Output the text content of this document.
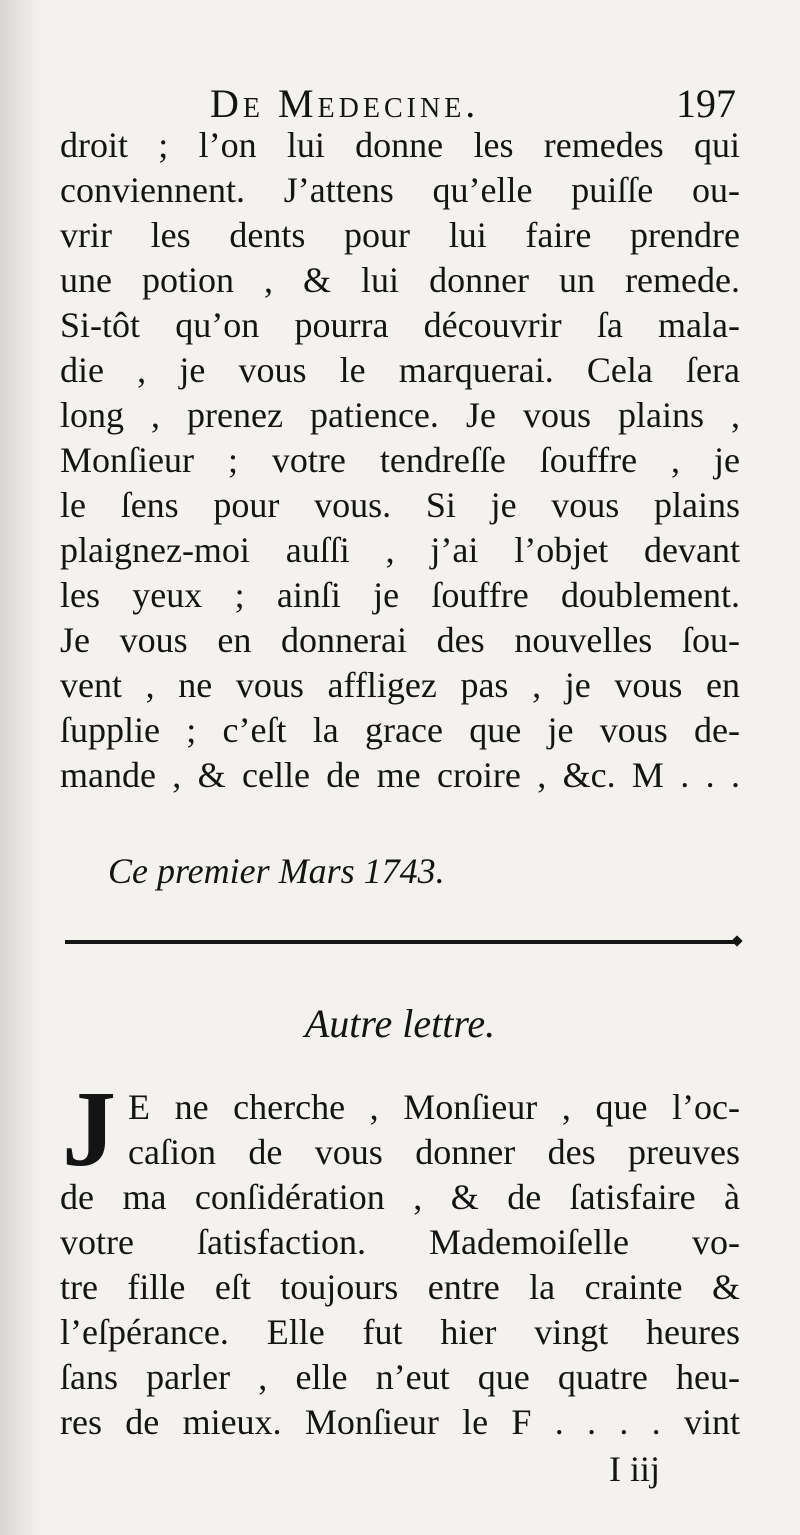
De Medecine.	197
droit ; l’on lui donne les remedes qui
conviennent. J’attens qu’elle puiſſe ou-
vrir les dents pour lui faire prendre
une potion , & lui donner un remede.
Si-tôt qu’on pourra découvrir ſa mala-
die , je vous le marquerai. Cela ſera
long , prenez patience. Je vous plains ,
Monſieur ; votre tendreſſe ſouffre , je
le ſens pour vous. Si je vous plains
plaignez-moi auſſi , j’ai l’objet devant
les yeux ; ainſi je ſouffre doublement.
Je vous en donnerai des nouvelles ſou-
vent , ne vous affligez pas , je vous en
ſupplie ; c’eſt la grace que je vous de-
mande , & celle de me croire , &c. M . . .
Ce premier Mars 1743.
Autre lettre.
J E ne cherche , Monſieur , que l’oc-
caſion de vous donner des preuves
de ma conſidération , & de ſatisfaire à
votre ſatisfaction. Mademoiſelle vo-
tre fille eſt toujours entre la crainte &
l’eſpérance. Elle fut hier vingt heures
ſans parler , elle n’eut que quatre heu-
res de mieux. Monſieur le F . . . . vint
I iij
